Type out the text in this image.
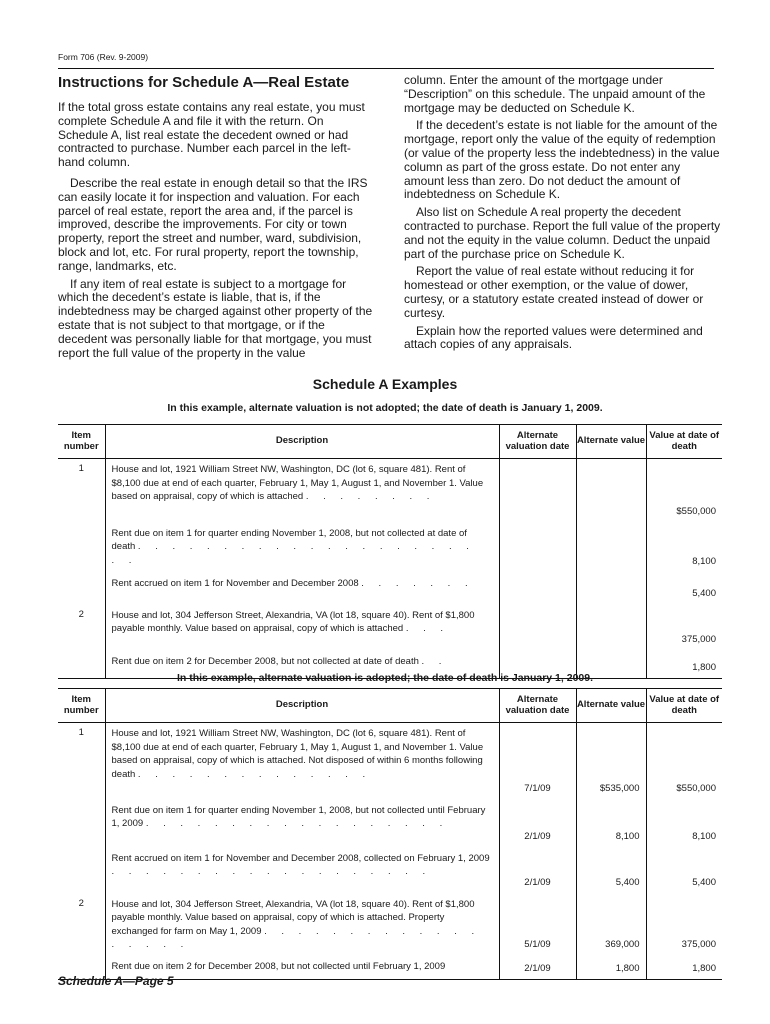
Form 706 (Rev. 9-2009)
Instructions for Schedule A—Real Estate

If the total gross estate contains any real estate, you must complete Schedule A and file it with the return. On Schedule A, list real estate the decedent owned or had contracted to purchase. Number each parcel in the left-hand column.

Describe the real estate in enough detail so that the IRS can easily locate it for inspection and valuation. For each parcel of real estate, report the area and, if the parcel is improved, describe the improvements. For city or town property, report the street and number, ward, subdivision, block and lot, etc. For rural property, report the township, range, landmarks, etc.

If any item of real estate is subject to a mortgage for which the decedent’s estate is liable, that is, if the indebtedness may be charged against other property of the estate that is not subject to that mortgage, or if the decedent was personally liable for that mortgage, you must report the full value of the property in the value

column. Enter the amount of the mortgage under “Description” on this schedule. The unpaid amount of the mortgage may be deducted on Schedule K.

If the decedent’s estate is not liable for the amount of the mortgage, report only the value of the equity of redemption (or value of the property less the indebtedness) in the value column as part of the gross estate. Do not enter any amount less than zero. Do not deduct the amount of indebtedness on Schedule K.

Also list on Schedule A real property the decedent contracted to purchase. Report the full value of the property and not the equity in the value column. Deduct the unpaid part of the purchase price on Schedule K.

Report the value of real estate without reducing it for homestead or other exemption, or the value of dower, curtesy, or a statutory estate created instead of dower or curtesy.

Explain how the reported values were determined and attach copies of any appraisals.

Schedule A Examples
In this example, alternate valuation is not adopted; the date of death is January 1, 2009.
Item number	Description	Alternate valuation date	Alternate value	Value at date of death
1	House and lot, 1921 William Street NW, Washington, DC (lot 6, square 481). Rent of $8,100 due at end of each quarter, February 1, May 1, August 1, and November 1. Value based on appraisal, copy of which is attached . . . . . . . .			$550,000
	Rent due on item 1 for quarter ending November 1, 2008, but not collected at date of death . . . . . . . . . . . . . . . . . . . . . .			8,100
	Rent accrued on item 1 for November and December 2008 . . . . . . .			5,400
2	House and lot, 304 Jefferson Street, Alexandria, VA (lot 18, square 40). Rent of $1,800 payable monthly. Value based on appraisal, copy of which is attached . . .			375,000
	Rent due on item 2 for December 2008, but not collected at date of death . .			1,800
In this example, alternate valuation is adopted; the date of death is January 1, 2009.
Item number	Description	Alternate valuation date	Alternate value	Value at date of death
1	House and lot, 1921 William Street NW, Washington, DC (lot 6, square 481). Rent of $8,100 due at end of each quarter, February 1, May 1, August 1, and November 1. Value based on appraisal, copy of which is attached. Not disposed of within 6 months following death . . . . . . . . . . . . . .	7/1/09	$535,000	$550,000
	Rent due on item 1 for quarter ending November 1, 2008, but not collected until February 1, 2009 . . . . . . . . . . . . . . . . . .	2/1/09	8,100	8,100
	Rent accrued on item 1 for November and December 2008, collected on February 1, 2009 . . . . . . . . . . . . . . . . . . .	2/1/09	5,400	5,400
2	House and lot, 304 Jefferson Street, Alexandria, VA (lot 18, square 40). Rent of $1,800 payable monthly. Value based on appraisal, copy of which is attached. Property exchanged for farm on May 1, 2009 . . . . . . . . . . . . . . . . . .	5/1/09	369,000	375,000
	Rent due on item 2 for December 2008, but not collected until February 1, 2009	2/1/09	1,800	1,800
Schedule A—Page 5
